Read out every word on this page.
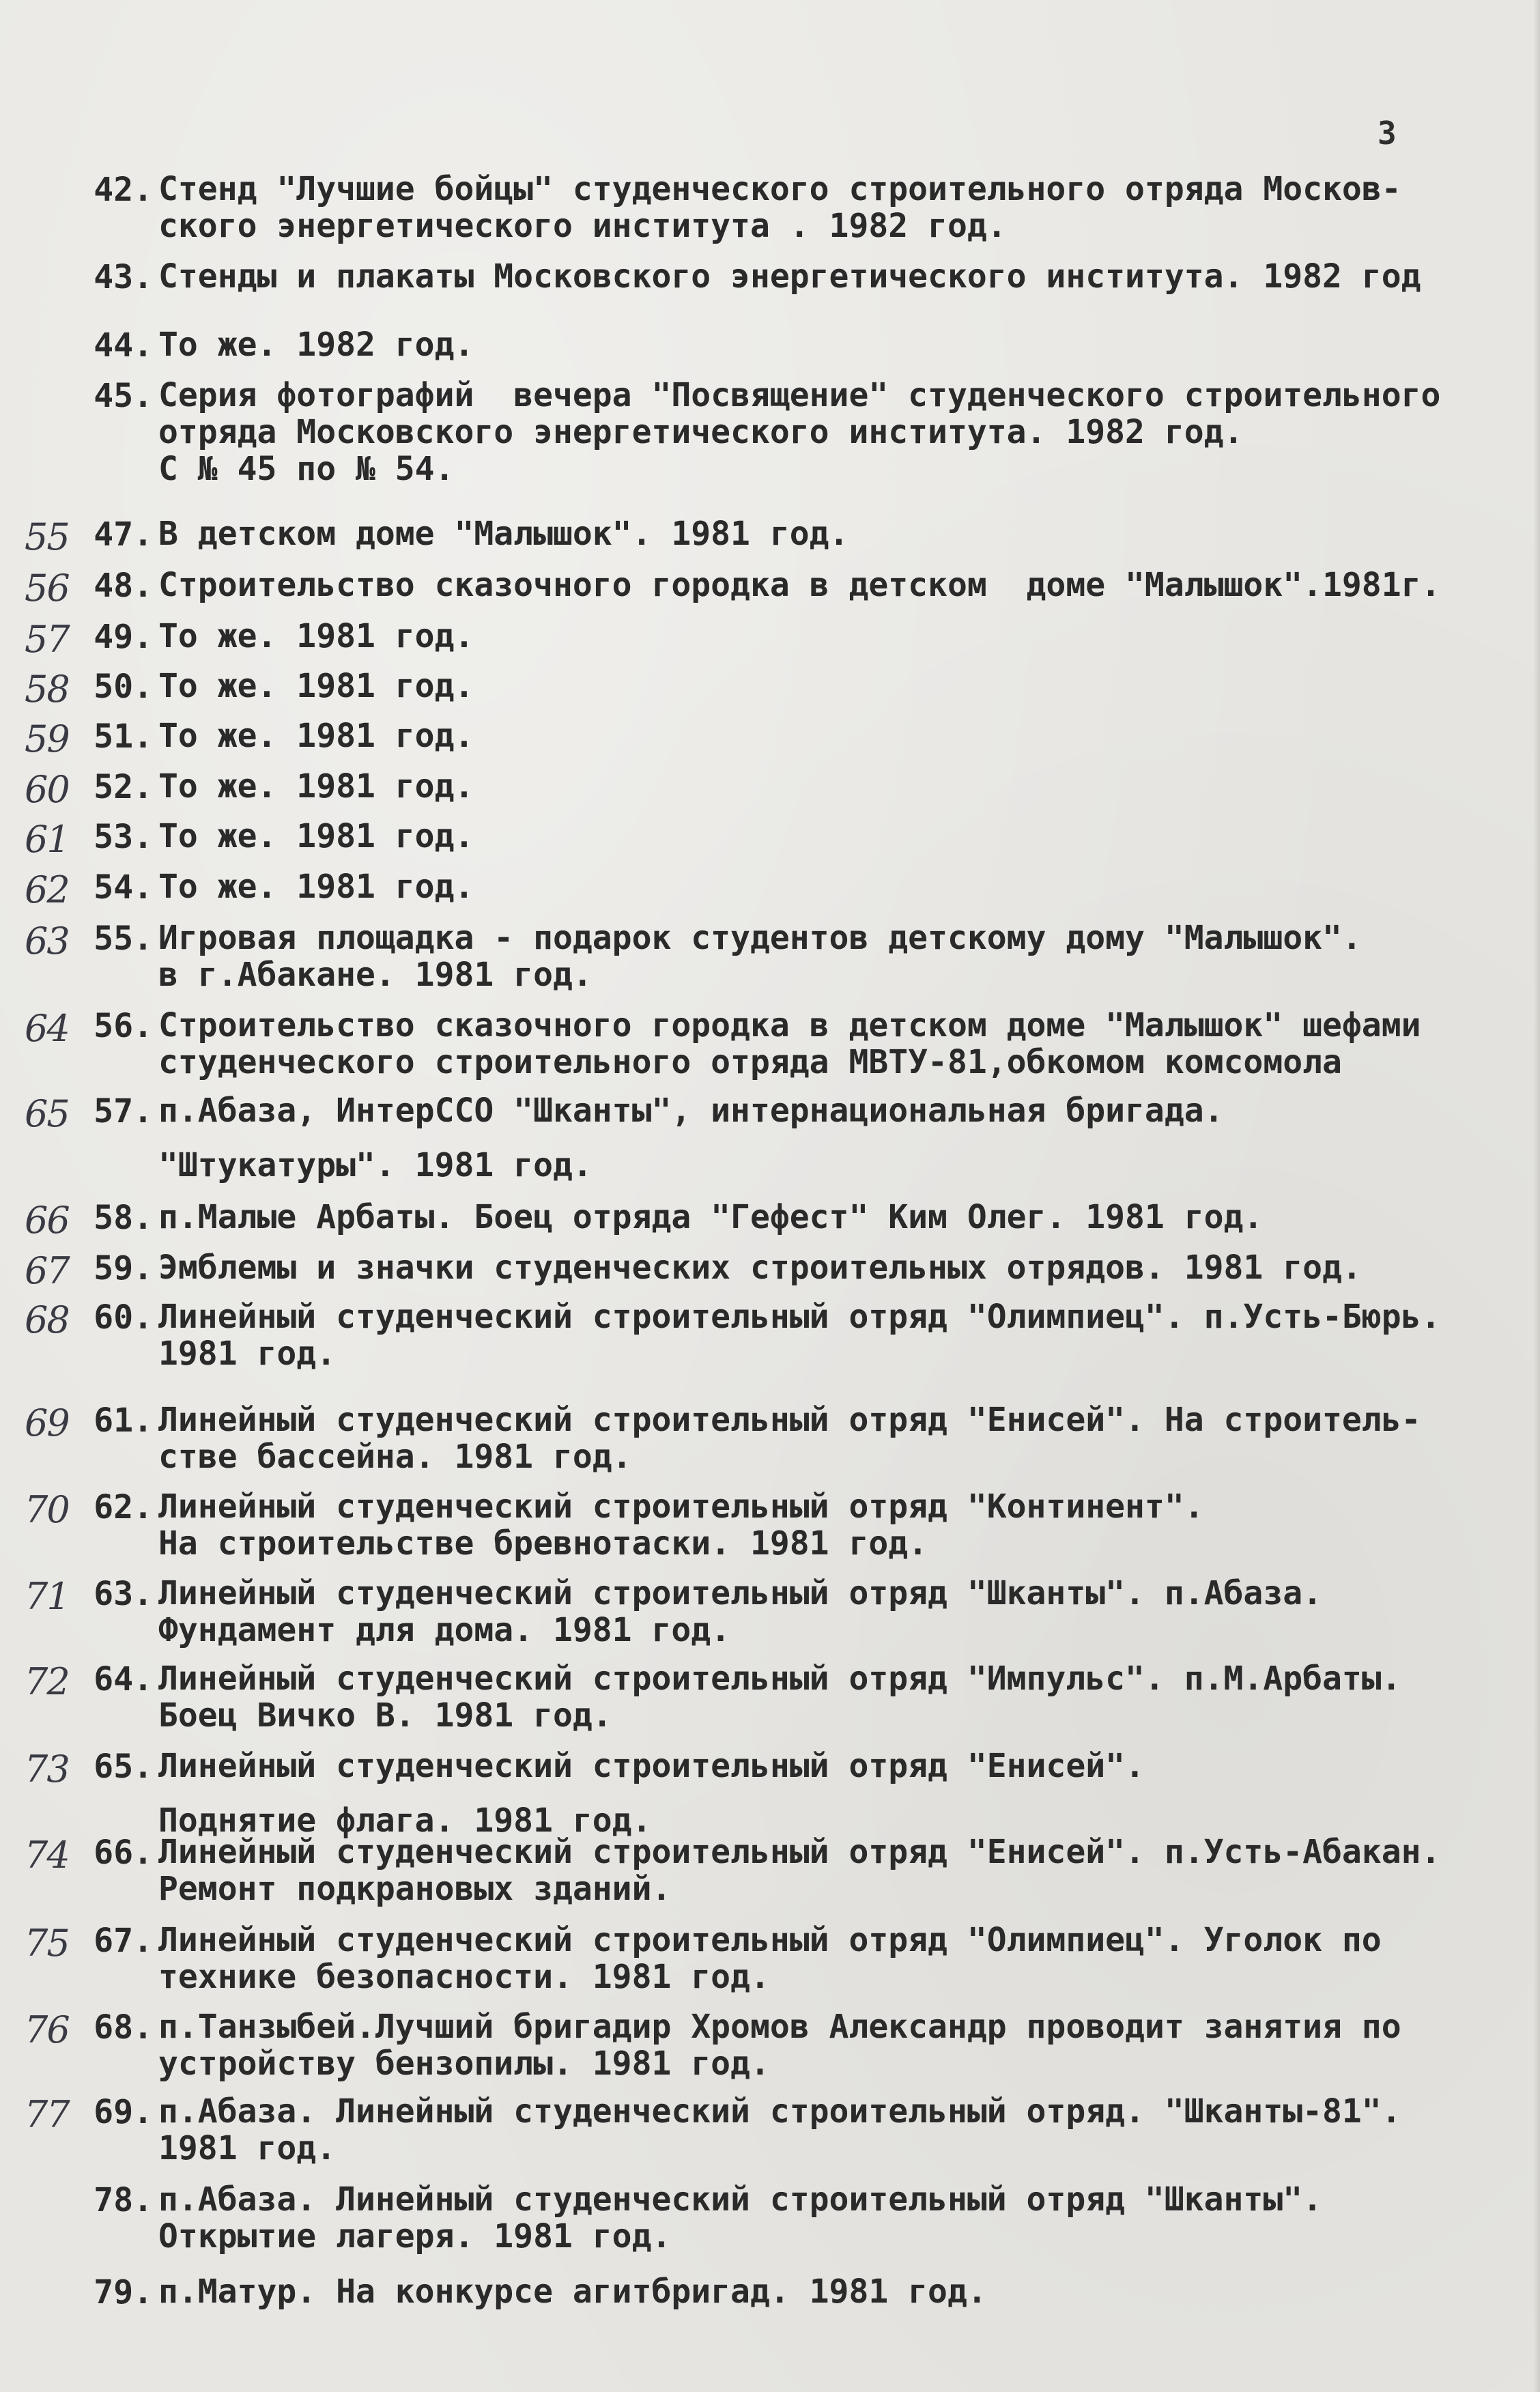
3
42. Стенд "Лучшие бойцы" студенческого строительного отряда Москов-
ского энергетического института . 1982 год.
43. Стенды и плакаты Московского энергетического института. 1982 год
44. То же. 1982 год.
45. Серия фотографий  вечера "Посвящение" студенческого строительного
отряда Московского энергетического института. 1982 год.
С № 45 по № 54.
55 47. В детском доме "Малышок". 1981 год.
56 48. Строительство сказочного городка в детском  доме "Малышок".1981г.
57 49. То же. 1981 год.
58 50. То же. 1981 год.
59 51. То же. 1981 год.
60 52. То же. 1981 год.
61 53. То же. 1981 год.
62 54. То же. 1981 год.
63 55. Игровая площадка - подарок студентов детскому дому "Малышок".
в г.Абакане. 1981 год.
64 56. Строительство сказочного городка в детском доме "Малышок" шефами
студенческого строительного отряда МВТУ-81,обкомом комсомола
65 57. п.Абаза, ИнтерССО "Шканты", интернациональная бригада.
"Штукатуры". 1981 год.
66 58. п.Малые Арбаты. Боец отряда "Гефест" Ким Олег. 1981 год.
67 59. Эмблемы и значки студенческих строительных отрядов. 1981 год.
68 60. Линейный студенческий строительный отряд "Олимпиец". п.Усть-Бюрь.
1981 год.
69 61. Линейный студенческий строительный отряд "Енисей". На строитель-
стве бассейна. 1981 год.
70 62. Линейный студенческий строительный отряд "Континент".
На строительстве бревнотаски. 1981 год.
71 63. Линейный студенческий строительный отряд "Шканты". п.Абаза.
Фундамент для дома. 1981 год.
72 64. Линейный студенческий строительный отряд "Импульс". п.М.Арбаты.
Боец Вичко В. 1981 год.
73 65. Линейный студенческий строительный отряд "Енисей".
Поднятие флага. 1981 год.
74 66. Линейный студенческий строительный отряд "Енисей". п.Усть-Абакан.
Ремонт подкрановых зданий.
75 67. Линейный студенческий строительный отряд "Олимпиец". Уголок по
технике безопасности. 1981 год.
76 68. п.Танзыбей.Лучший бригадир Хромов Александр проводит занятия по
устройству бензопилы. 1981 год.
77 69. п.Абаза. Линейный студенческий строительный отряд. "Шканты-81".
1981 год.
78. п.Абаза. Линейный студенческий строительный отряд "Шканты".
Открытие лагеря. 1981 год.
79. п.Матур. На конкурсе агитбригад. 1981 год.
